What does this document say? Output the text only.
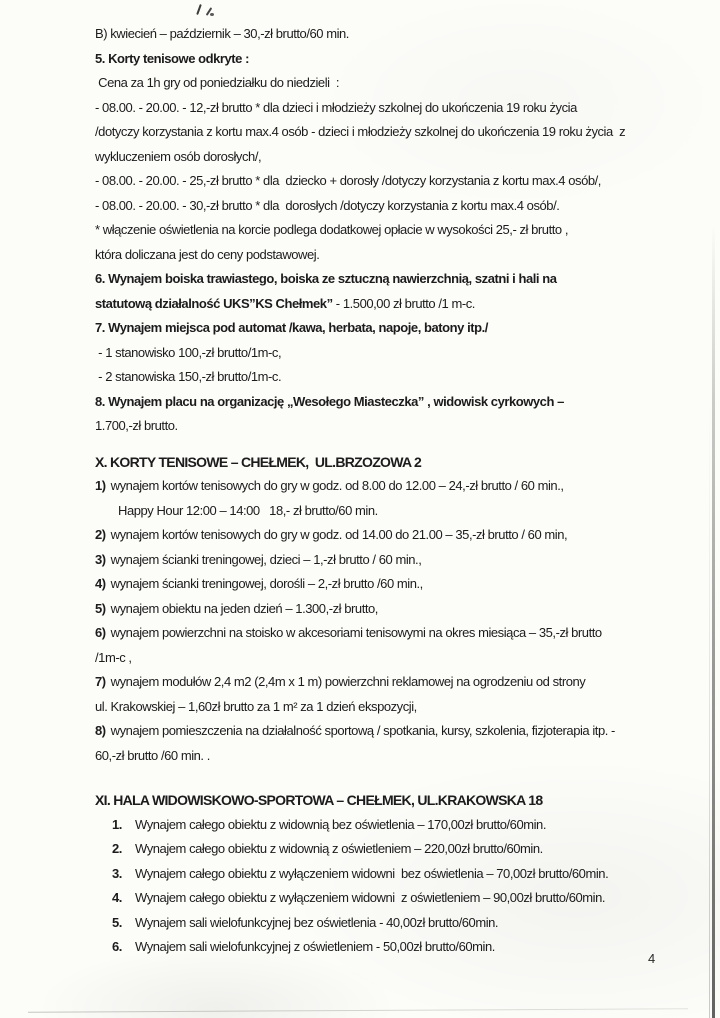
B) kwiecień – październik – 30,-zł brutto/60 min.

5. Korty tenisowe odkryte :

Cena za 1h gry od poniedziałku do niedzieli  :

- 08.00. - 20.00. - 12,-zł brutto * dla dzieci i młodzieży szkolnej do ukończenia 19 roku życia

/dotyczy korzystania z kortu max.4 osób - dzieci i młodzieży szkolnej do ukończenia 19 roku życia  z

wykluczeniem osób dorosłych/,

- 08.00. - 20.00. - 25,-zł brutto * dla  dziecko + dorosły /dotyczy korzystania z kortu max.4 osób/,

- 08.00. - 20.00. - 30,-zł brutto * dla  dorosłych /dotyczy korzystania z kortu max.4 osób/.

* włączenie oświetlenia na korcie podlega dodatkowej opłacie w wysokości 25,- zł brutto ,

która doliczana jest do ceny podstawowej.

6. Wynajem boiska trawiastego, boiska ze sztuczną nawierzchnią, szatni i hali na

statutową działalność UKS”KS Chełmek” - 1.500,00 zł brutto /1 m-c.

7. Wynajem miejsca pod automat /kawa, herbata, napoje, batony itp./

- 1 stanowisko 100,-zł brutto/1m-c,

- 2 stanowiska 150,-zł brutto/1m-c.

8. Wynajem placu na organizację „Wesołego Miasteczka” , widowisk cyrkowych –

1.700,-zł brutto.

X. KORTY TENISOWE – CHEŁMEK,  UL.BRZOZOWA 2

1) wynajem kortów tenisowych do gry w godz. od 8.00 do 12.00 – 24,-zł brutto / 60 min.,

Happy Hour 12:00 – 14:00   18,- zł brutto/60 min.

2) wynajem kortów tenisowych do gry w godz. od 14.00 do 21.00 – 35,-zł brutto / 60 min,

3) wynajem ścianki treningowej, dzieci – 1,-zł brutto / 60 min.,

4) wynajem ścianki treningowej, dorośli – 2,-zł brutto /60 min.,

5) wynajem obiektu na jeden dzień – 1.300,-zł brutto,

6) wynajem powierzchni na stoisko w akcesoriami tenisowymi na okres miesiąca – 35,-zł brutto

/1m-c ,

7) wynajem modułów 2,4 m2 (2,4m x 1 m) powierzchni reklamowej na ogrodzeniu od strony

ul. Krakowskiej – 1,60zł brutto za 1 m² za 1 dzień ekspozycji,

8) wynajem pomieszczenia na działalność sportową / spotkania, kursy, szkolenia, fizjoterapia itp. -

60,-zł brutto /60 min. .

XI. HALA WIDOWISKOWO-SPORTOWA – CHEŁMEK, UL.KRAKOWSKA 18

1. Wynajem całego obiektu z widownią bez oświetlenia – 170,00zł brutto/60min.

2. Wynajem całego obiektu z widownią z oświetleniem – 220,00zł brutto/60min.

3. Wynajem całego obiektu z wyłączeniem widowni  bez oświetlenia – 70,00zł brutto/60min.

4. Wynajem całego obiektu z wyłączeniem widowni  z oświetleniem – 90,00zł brutto/60min.

5. Wynajem sali wielofunkcyjnej bez oświetlenia - 40,00zł brutto/60min.

6. Wynajem sali wielofunkcyjnej z oświetleniem - 50,00zł brutto/60min.

4
